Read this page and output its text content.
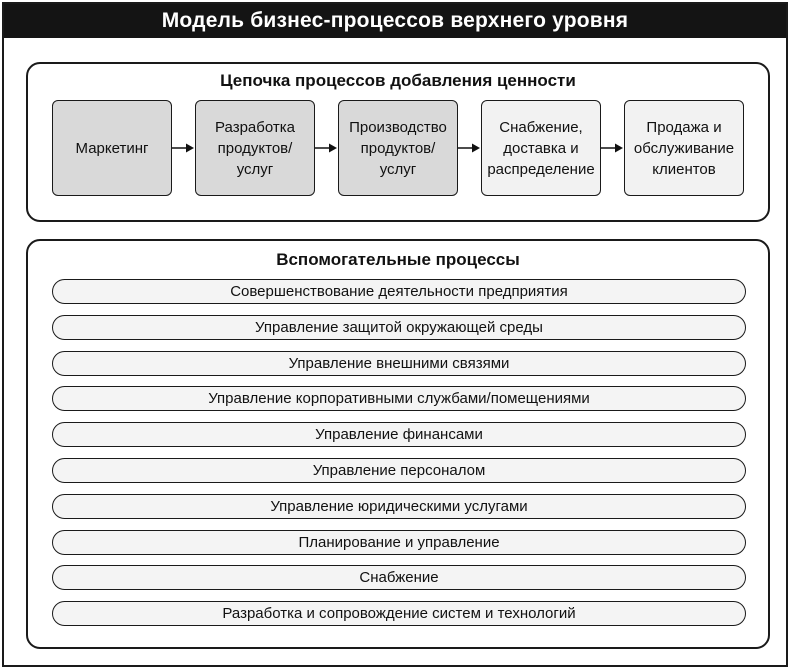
Модель бизнес-процессов верхнего уровня
Цепочка процессов добавления ценности
Маркетинг
Разработка продуктов/ услуг
Производство продуктов/ услуг
Снабжение, доставка и распределение
Продажа и обслуживание клиентов
Вспомогательные процессы
Совершенствование деятельности предприятия
Управление защитой окружающей среды
Управление внешними связями
Управление корпоративными службами/помещениями
Управление финансами
Управление персоналом
Управление юридическими услугами
Планирование и управление
Снабжение
Разработка и сопровождение систем и технологий
